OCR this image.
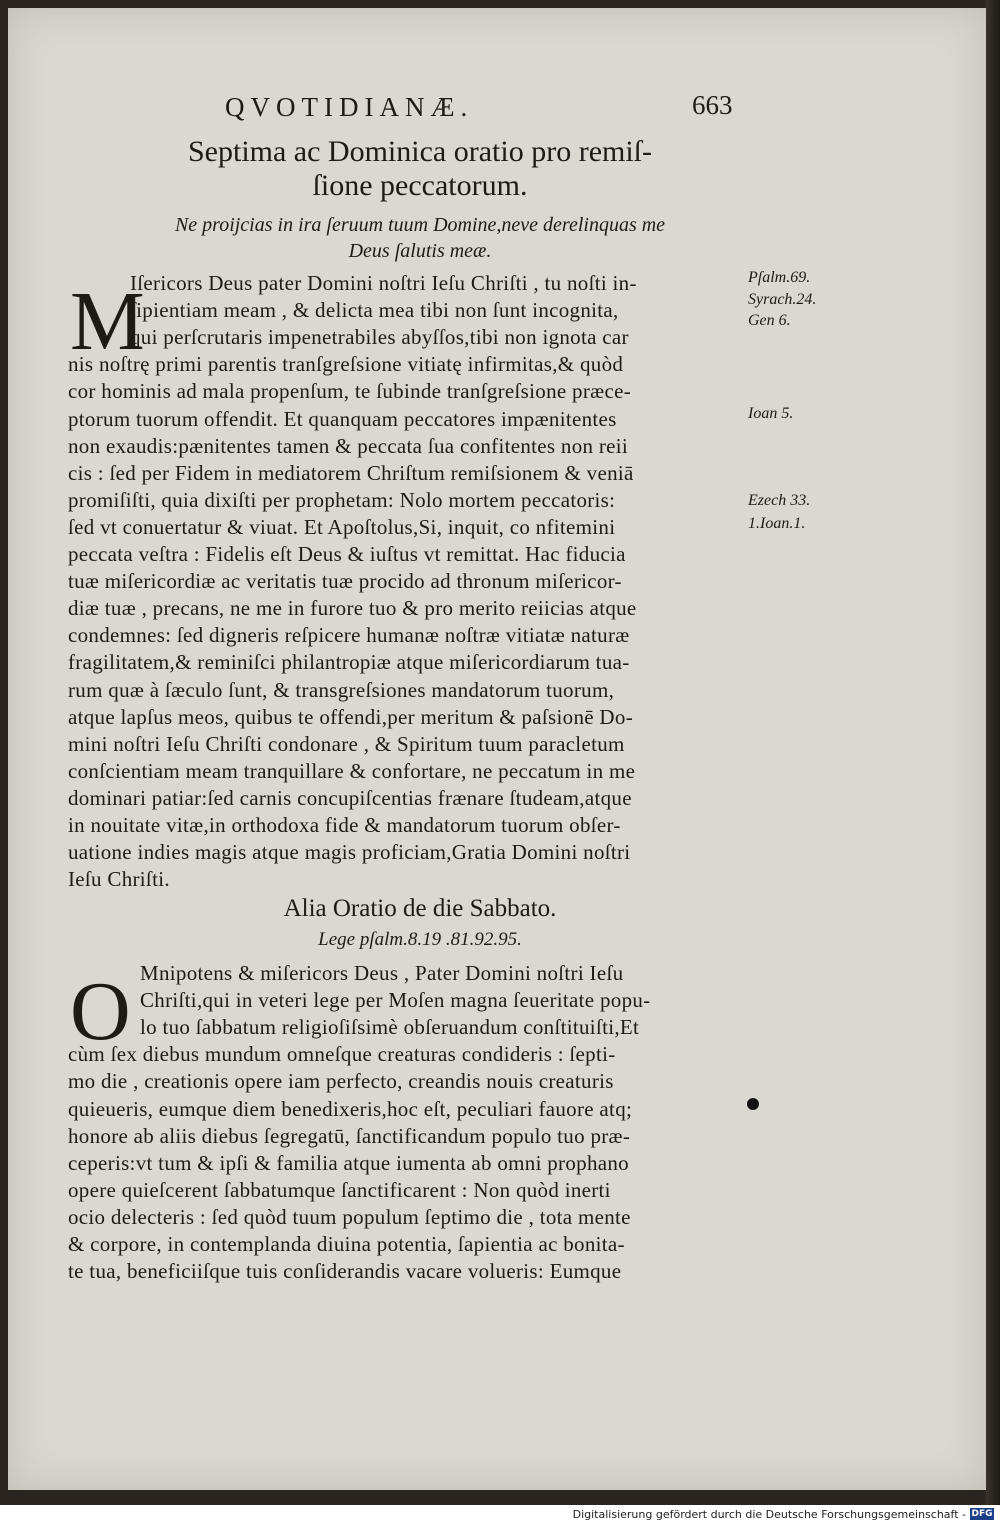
QVOTIDIANÆ.	663
Septima ac Dominica oratio pro remiſ-
ſione peccatorum.
Ne proijcias in ira ſeruum tuum Domine,neve derelinquas me
Deus ſalutis meæ.
M
Iſericors Deus pater Domini noſtri Ieſu Chriſti , tu noſti in-
ſipientiam meam , & delicta mea tibi non ſunt incognita,
qui perſcrutaris impenetrabiles abyſſos,tibi non ignota car
nis noſtrę primi parentis tranſgreſsione vitiatę infirmitas,& quòd
cor hominis ad mala propenſum, te ſubinde tranſgreſsione præce-
ptorum tuorum offendit. Et quanquam peccatores impænitentes
non exaudis:pænitentes tamen & peccata ſua confitentes non reii
cis : ſed per Fidem in mediatorem Chriſtum remiſsionem & veniā
promiſiſti, quia dixiſti per prophetam: Nolo mortem peccatoris:
ſed vt conuertatur & viuat. Et Apoſtolus,Si, inquit, co nfitemini
peccata veſtra : Fidelis eſt Deus & iuſtus vt remittat. Hac fiducia
tuæ miſericordiæ ac veritatis tuæ procido ad thronum miſericor-
diæ tuæ , precans, ne me in furore tuo & pro merito reiicias atque
condemnes: ſed digneris reſpicere humanæ noſtræ vitiatæ naturæ
fragilitatem,& reminiſci philantropiæ atque miſericordiarum tua-
rum quæ à ſæculo ſunt, & transgreſsiones mandatorum tuorum,
atque lapſus meos, quibus te offendi,per meritum & paſsionē Do-
mini noſtri Ieſu Chriſti condonare , & Spiritum tuum paracletum
conſcientiam meam tranquillare & confortare, ne peccatum in me
dominari patiar:ſed carnis concupiſcentias frænare ſtudeam,atque
in nouitate vitæ,in orthodoxa fide & mandatorum tuorum obſer-
uatione indies magis atque magis proficiam,Gratia Domini noſtri
Ieſu Chriſti.
Pſalm.69.
Syrach.24.
Gen 6.
Ioan 5.
Ezech 33.
1.Ioan.1.
Alia Oratio de die Sabbato.
Lege pſalm.8.19 .81.92.95.
O Mnipotens & miſericors Deus , Pater Domini noſtri Ieſu
Chriſti,qui in veteri lege per Moſen magna ſeueritate popu-
lo tuo ſabbatum religioſiſsimè obſeruandum conſtituiſti,Et
cùm ſex diebus mundum omneſque creaturas condideris : ſepti-
mo die , creationis opere iam perfecto, creandis nouis creaturis
quieueris, eumque diem benedixeris,hoc eſt, peculiari fauore atq;
honore ab aliis diebus ſegregatū, ſanctificandum populo tuo præ-
ceperis:vt tum & ipſi & familia atque iumenta ab omni prophano
opere quieſcerent ſabbatumque ſanctificarent : Non quòd inerti
ocio delecteris : ſed quòd tuum populum ſeptimo die , tota mente
& corpore, in contemplanda diuina potentia, ſapientia ac bonita-
te tua, beneficiiſque tuis conſiderandis vacare volueris: Eumque
Digitalisierung gefördert durch die Deutsche Forschungsgemeinschaft - DFG
